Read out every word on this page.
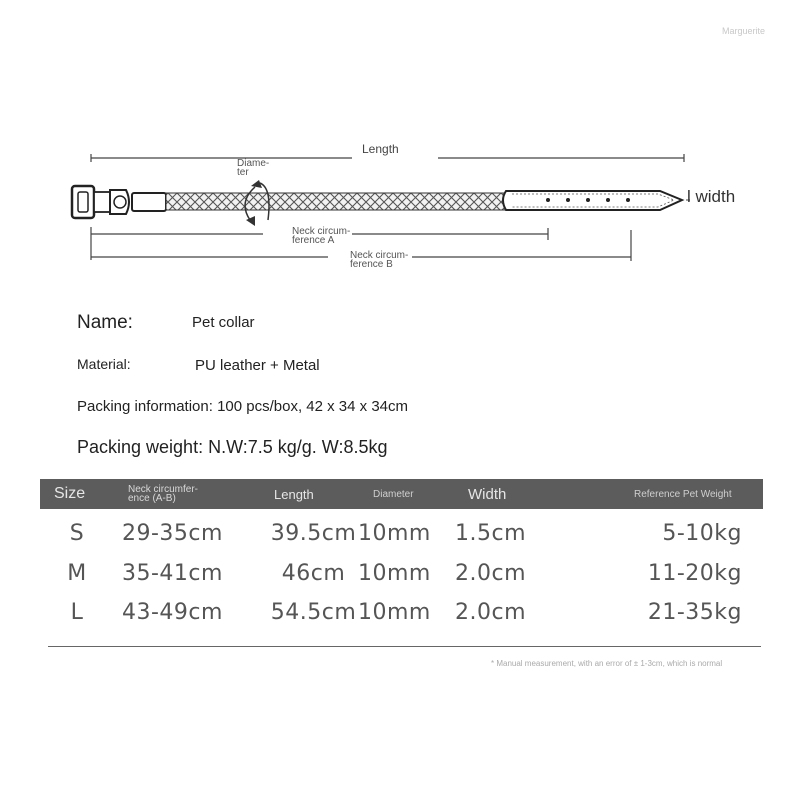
Marguerite
Length
Diame-
ter
l width
Neck circum-
ference A
Neck circum-
ference B
Name:	Pet collar
Material:	PU leather + Metal
Packing information: 100 pcs/box, 42 x 34 x 34cm
Packing weight: N.W:7.5 kg/g. W:8.5kg
Size	Neck circumfer-
ence (A-B)	Length	Diameter	Width	Reference Pet Weight
S	29-35cm	39.5cm 10mm 1.5cm	5-10kg
M 35-41cm	46cm 10mm 2.0cm	11-20kg
L	43-49cm	54.5cm 10mm 2.0cm	21-35kg
* Manual measurement, with an error of ± 1-3cm, which is normal
